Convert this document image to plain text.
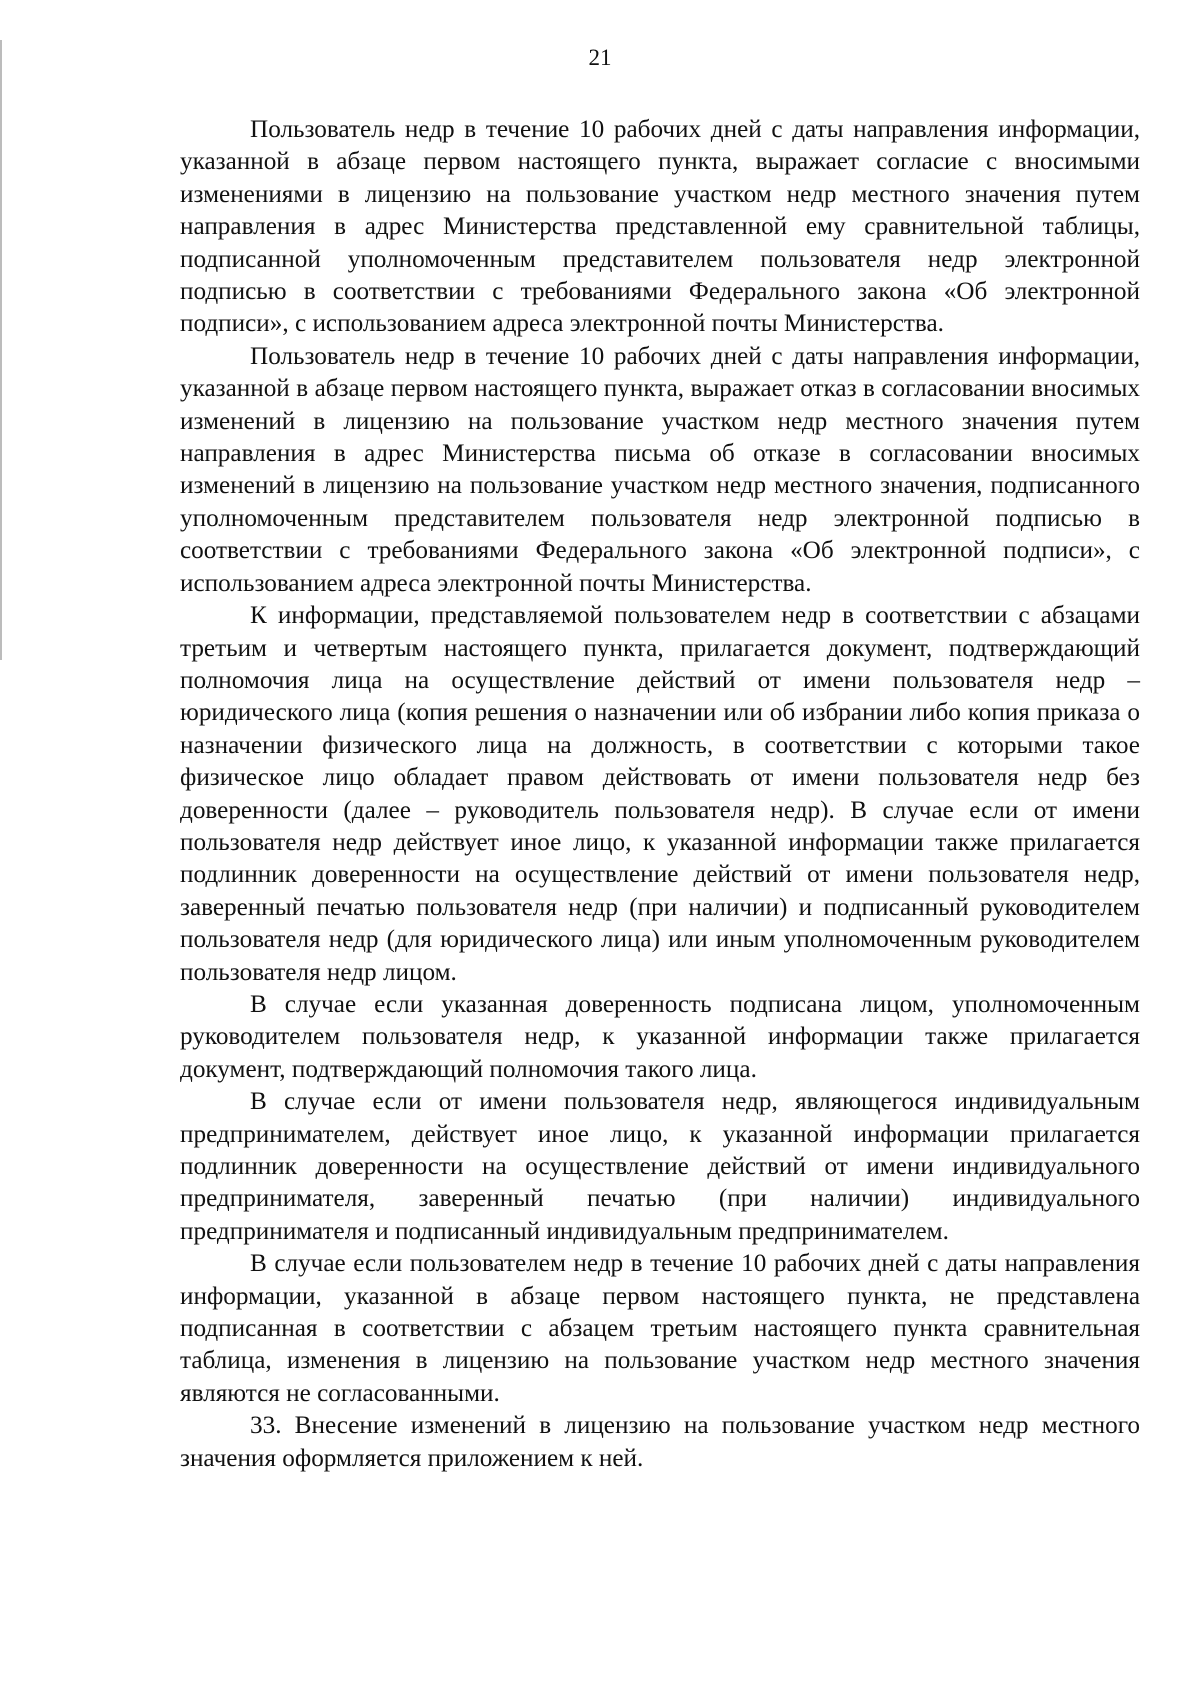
21

Пользователь недр в течение 10 рабочих дней с даты направления информации, указанной в абзаце первом настоящего пункта, выражает согласие с вносимыми изменениями в лицензию на пользование участком недр местного значения путем направления в адрес Министерства представленной ему сравнительной таблицы, подписанной уполномоченным представителем пользователя недр электронной подписью в соответствии с требованиями Федерального закона «Об электронной подписи», с использованием адреса электронной почты Министерства.

Пользователь недр в течение 10 рабочих дней с даты направления информации, указанной в абзаце первом настоящего пункта, выражает отказ в согласовании вносимых изменений в лицензию на пользование участком недр местного значения путем направления в адрес Министерства письма об отказе в согласовании вносимых изменений в лицензию на пользование участком недр местного значения, подписанного уполномоченным представителем пользователя недр электронной подписью в соответствии с требованиями Федерального закона «Об электронной подписи», с использованием адреса электронной почты Министерства.

К информации, представляемой пользователем недр в соответствии с абзацами третьим и четвертым настоящего пункта, прилагается документ, подтверждающий полномочия лица на осуществление действий от имени пользователя недр – юридического лица (копия решения о назначении или об избрании либо копия приказа о назначении физического лица на должность, в соответствии с которыми такое физическое лицо обладает правом действовать от имени пользователя недр без доверенности (далее – руководитель пользователя недр). В случае если от имени пользователя недр действует иное лицо, к указанной информации также прилагается подлинник доверенности на осуществление действий от имени пользователя недр, заверенный печатью пользователя недр (при наличии) и подписанный руководителем пользователя недр (для юридического лица) или иным уполномоченным руководителем пользователя недр лицом.

В случае если указанная доверенность подписана лицом, уполномоченным руководителем пользователя недр, к указанной информации также прилагается документ, подтверждающий полномочия такого лица.

В случае если от имени пользователя недр, являющегося индивидуальным предпринимателем, действует иное лицо, к указанной информации прилагается подлинник доверенности на осуществление действий от имени индивидуального предпринимателя, заверенный печатью (при наличии) индивидуального предпринимателя и подписанный индивидуальным предпринимателем.

В случае если пользователем недр в течение 10 рабочих дней с даты направления информации, указанной в абзаце первом настоящего пункта, не представлена подписанная в соответствии с абзацем третьим настоящего пункта сравнительная таблица, изменения в лицензию на пользование участком недр местного значения являются не согласованными.

33. Внесение изменений в лицензию на пользование участком недр местного значения оформляется приложением к ней.
